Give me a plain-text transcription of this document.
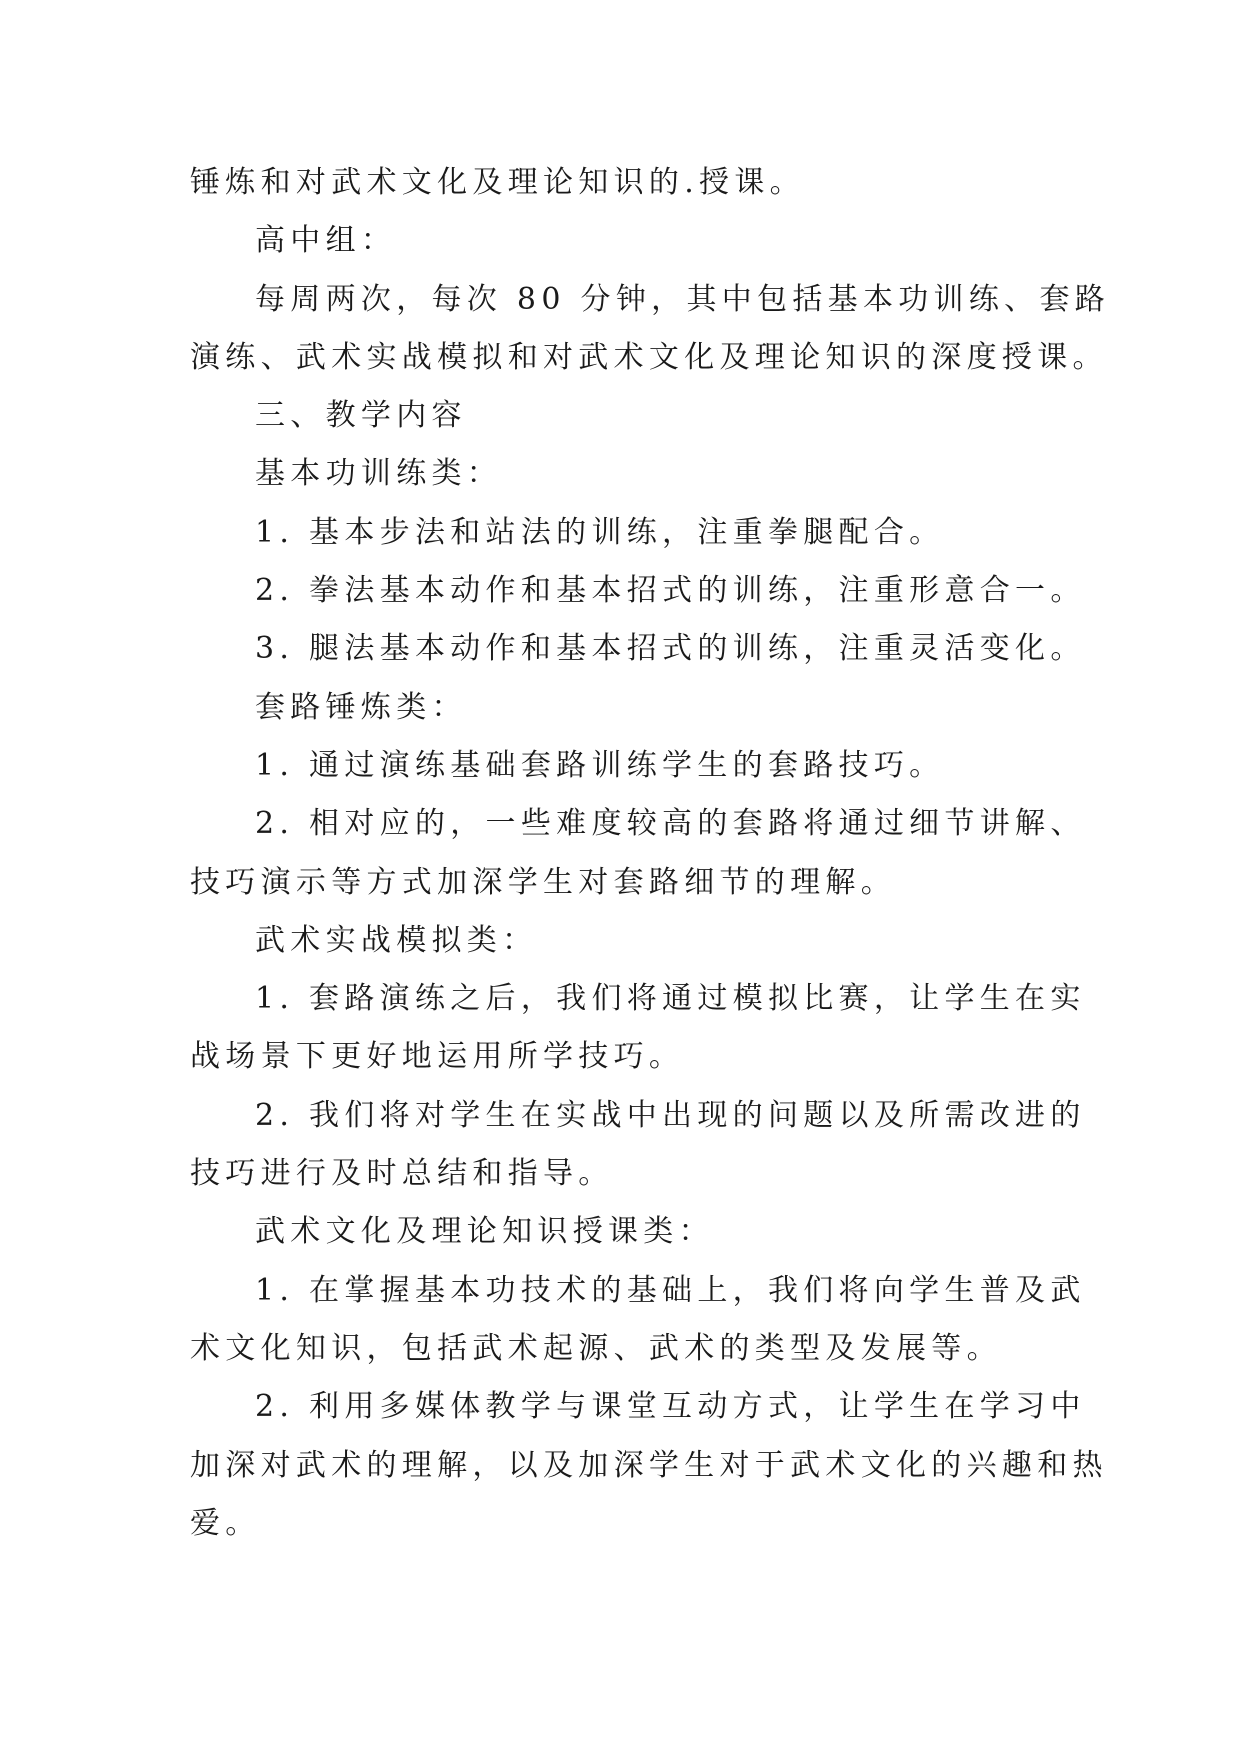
锤炼和对武术文化及理论知识的.授课。
高中组：
每周两次，每次 80 分钟，其中包括基本功训练、套路
演练、武术实战模拟和对武术文化及理论知识的深度授课。
三、教学内容
基本功训练类：
1. 基本步法和站法的训练，注重拳腿配合。
2. 拳法基本动作和基本招式的训练，注重形意合一。
3. 腿法基本动作和基本招式的训练，注重灵活变化。
套路锤炼类：
1. 通过演练基础套路训练学生的套路技巧。
2. 相对应的，一些难度较高的套路将通过细节讲解、
技巧演示等方式加深学生对套路细节的理解。
武术实战模拟类：
1. 套路演练之后，我们将通过模拟比赛，让学生在实
战场景下更好地运用所学技巧。
2. 我们将对学生在实战中出现的问题以及所需改进的
技巧进行及时总结和指导。
武术文化及理论知识授课类：
1. 在掌握基本功技术的基础上，我们将向学生普及武
术文化知识，包括武术起源、武术的类型及发展等。
2. 利用多媒体教学与课堂互动方式，让学生在学习中
加深对武术的理解，以及加深学生对于武术文化的兴趣和热
爱。
